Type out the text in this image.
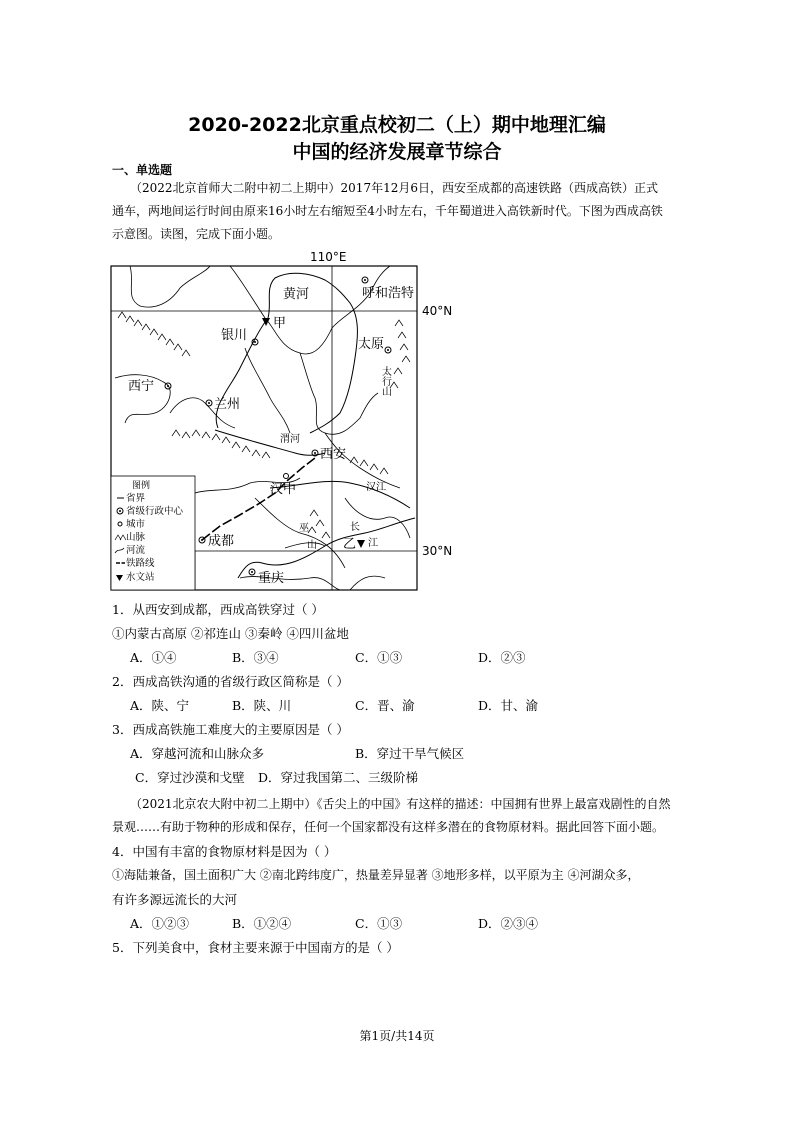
2020-2022北京重点校初二（上）期中地理汇编
中国的经济发展章节综合
一、单选题
（2022北京首师大二附中初二上期中）2017年12月6日，西安至成都的高速铁路（西成高铁）正式
通车，两地间运行时间由原来16小时左右缩短至4小时左右，千年蜀道进入高铁新时代。下图为西成高铁
示意图。读图，完成下面小题。
110°E
40°N
30°N
黄河	呼和浩特
甲
银川
太原
太行山
西宁
兰州
渭河
西安
汉中	汉江
成都
巫
山 乙
长
江
重庆
图例
省界
省级行政中心
城市
山脉
河流
铁路线
水文站
1．从西安到成都，西成高铁穿过（ ）
①内蒙古高原 ②祁连山 ③秦岭 ④四川盆地
A．①④	B．③④	C．①③	D．②③
2．西成高铁沟通的省级行政区简称是（ ）
A．陕、宁	B．陕、川	C．晋、渝	D．甘、渝
3．西成高铁施工难度大的主要原因是（ ）
A．穿越河流和山脉众多	B．穿过干旱气候区
C．穿过沙漠和戈壁 D．穿过我国第二、三级阶梯
（2021北京农大附中初二上期中）《舌尖上的中国》有这样的描述：中国拥有世界上最富戏剧性的自然
景观……有助于物种的形成和保存，任何一个国家都没有这样多潜在的食物原材料。据此回答下面小题。
4．中国有丰富的食物原材料是因为（ ）
①海陆兼备，国土面积广大 ②南北跨纬度广，热量差异显著 ③地形多样，以平原为主 ④河湖众多，
有许多源远流长的大河
A．①②③	B．①②④	C．①③	D．②③④
5．下列美食中，食材主要来源于中国南方的是（ ）
第1页/共14页
